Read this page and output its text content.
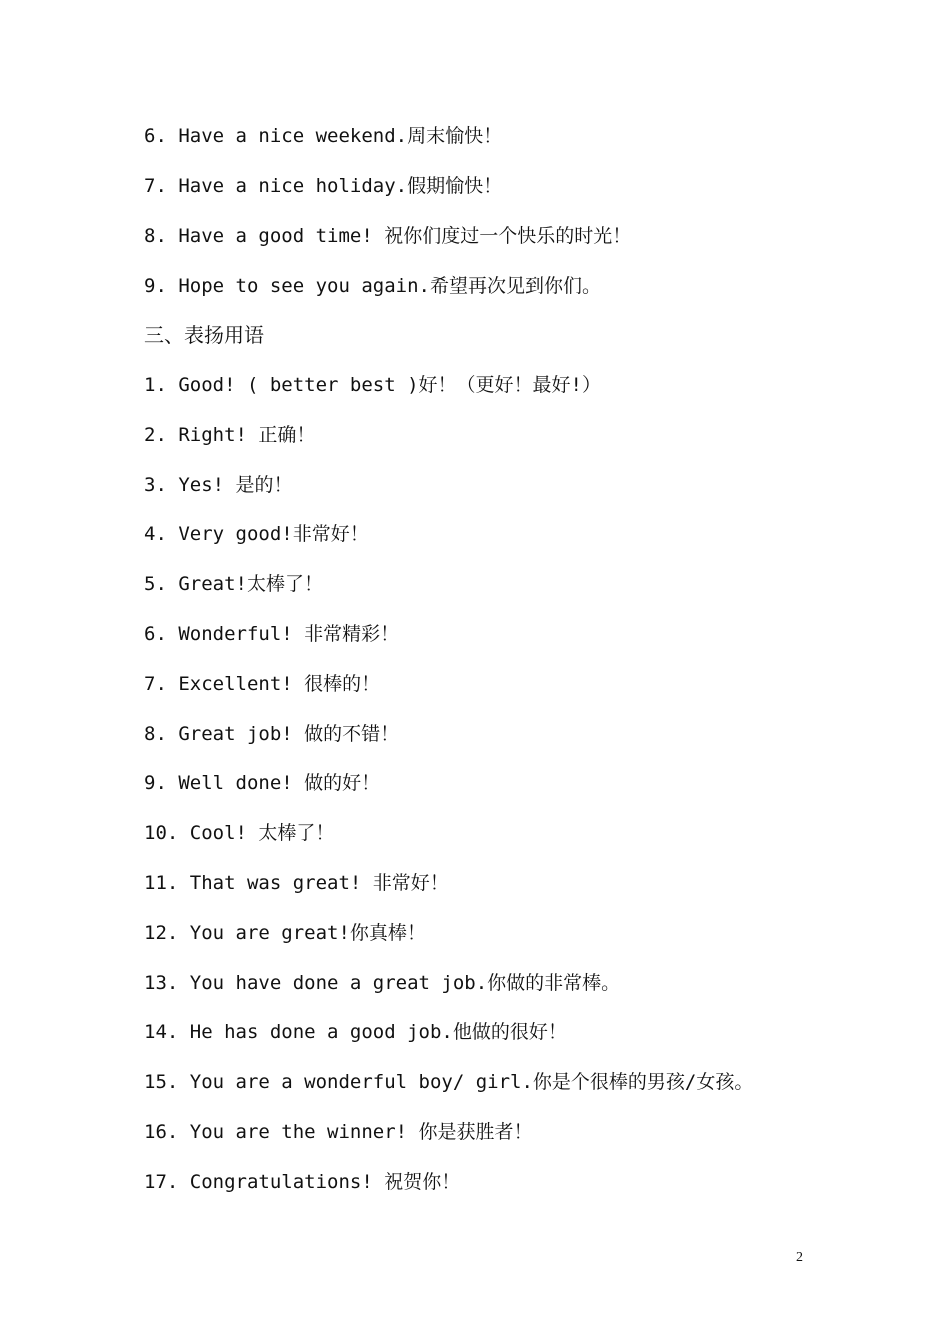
6. Have a nice weekend.周末愉快！
7. Have a nice holiday.假期愉快！
8. Have a good time! 祝你们度过一个快乐的时光！
9. Hope to see you again.希望再次见到你们。
三、表扬用语
1. Good! ( better best )好！（更好！最好!）
2. Right! 正确！
3. Yes! 是的！
4. Very good!非常好！
5. Great!太棒了！
6. Wonderful! 非常精彩！
7. Excellent! 很棒的！
8. Great job! 做的不错！
9. Well done! 做的好！
10. Cool! 太棒了！
11. That was great! 非常好！
12. You are great!你真棒！
13. You have done a great job.你做的非常棒。
14. He has done a good job.他做的很好！
15. You are a wonderful boy/ girl.你是个很棒的男孩/女孩。
16. You are the winner! 你是获胜者！
17. Congratulations! 祝贺你！
2
